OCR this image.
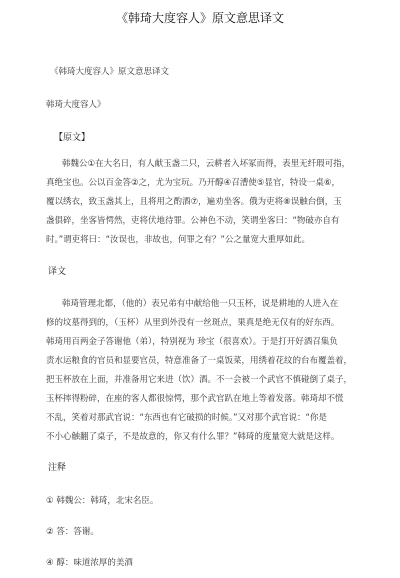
《韩琦大度容人》原文意思译文
《韩琦大度容人》原文意思译文
韩琦大度容人》
【原文】
韩魏公①在大名日，有人献玉盏二只，云耕者入坏冢而得，表里无纤瑕可指，
真绝宝也。公以百金答②之，尤为宝玩。乃开醇④召漕使⑤显官，特设一桌⑥，
覆以绣衣，致玉盏其上，且将用之酌酒⑦，遍劝坐客。俄为吏将⑧误触台倒，玉
盏俱碎，坐客皆愕然，吏将伏地待罪。公神色不动，笑谓坐客曰：“物破亦自有
时。”谓吏将曰：“汝误也，非故也，何罪之有？”公之量宽大重厚如此。
译文
韩琦管理北都，（他的）表兄弟有中献给他一只玉杯，说是耕地的人进入在
修的坟墓得到的，（玉杯）从里到外没有一丝斑点，果真是绝无仅有的好东西。
韩琦用百两金子答谢他（弟），特别视为 珍宝（很喜欢）。于是打开好酒召集负
责水运粮食的官员和显要官员，特意准备了一桌饭菜，用绣着花纹的台布覆盖着，
把玉杯放在上面，并准备用它来进（饮）酒。不一会被一个武官不慎碰倒了桌子，
玉杯摔得粉碎，在座的客人都很惊愕，那个武官趴在地上等着发落。韩琦却不慌
不乱，笑着对那武官说：“东西也有它破损的时候。”又对那个武官说：“你是
不小心触翻了桌子，不是故意的，你又有什么罪？”韩琦的度量宽大就是这样。
注释
① 韩魏公：韩琦，北宋名臣。
② 答：答谢。
④ 醇：味道浓厚的美酒
